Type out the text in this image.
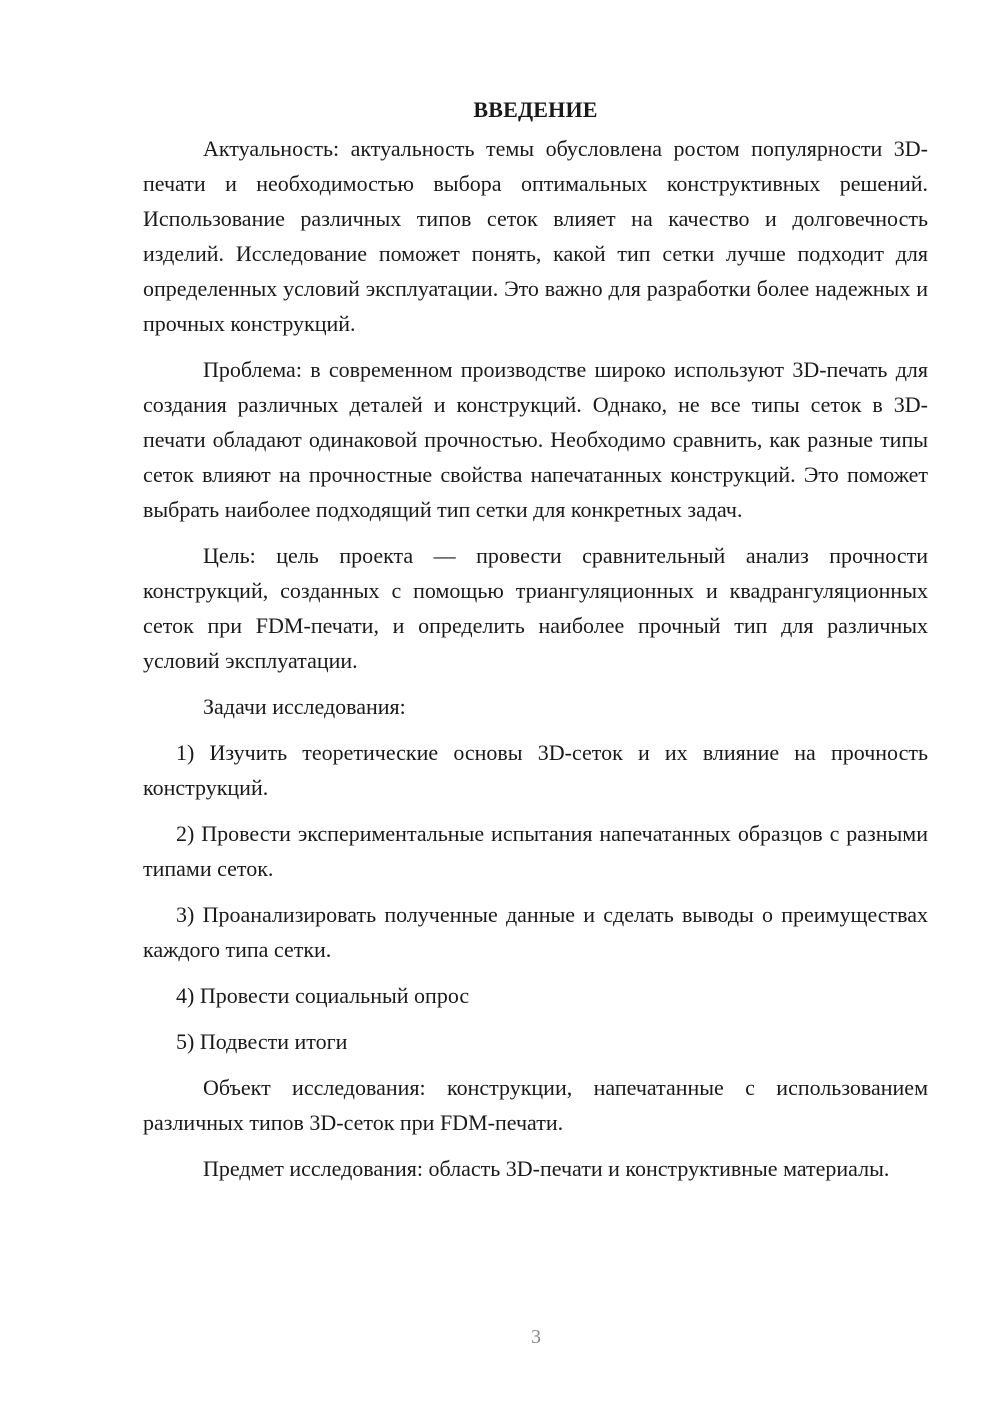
ВВЕДЕНИЕ

Актуальность: актуальность темы обусловлена ростом популярности 3D-печати и необходимостью выбора оптимальных конструктивных решений. Использование различных типов сеток влияет на качество и долговечность изделий. Исследование поможет понять, какой тип сетки лучше подходит для определенных условий эксплуатации. Это важно для разработки более надежных и прочных конструкций.

Проблема: в современном производстве широко используют 3D-печать для создания различных деталей и конструкций. Однако, не все типы сеток в 3D-печати обладают одинаковой прочностью. Необходимо сравнить, как разные типы сеток влияют на прочностные свойства напечатанных конструкций. Это поможет выбрать наиболее подходящий тип сетки для конкретных задач.

Цель: цель проекта — провести сравнительный анализ прочности конструкций, созданных с помощью триангуляционных и квадрангуляционных сеток при FDM-печати, и определить наиболее прочный тип для различных условий эксплуатации.

Задачи исследования:

1) Изучить теоретические основы 3D-сеток и их влияние на прочность конструкций.

2) Провести экспериментальные испытания напечатанных образцов с разными типами сеток.

3) Проанализировать полученные данные и сделать выводы о преимуществах каждого типа сетки.

4) Провести социальный опрос

5) Подвести итоги

Объект исследования: конструкции, напечатанные с использованием различных типов 3D-сеток при FDM-печати.

Предмет исследования: область 3D-печати и конструктивные материалы.

3
